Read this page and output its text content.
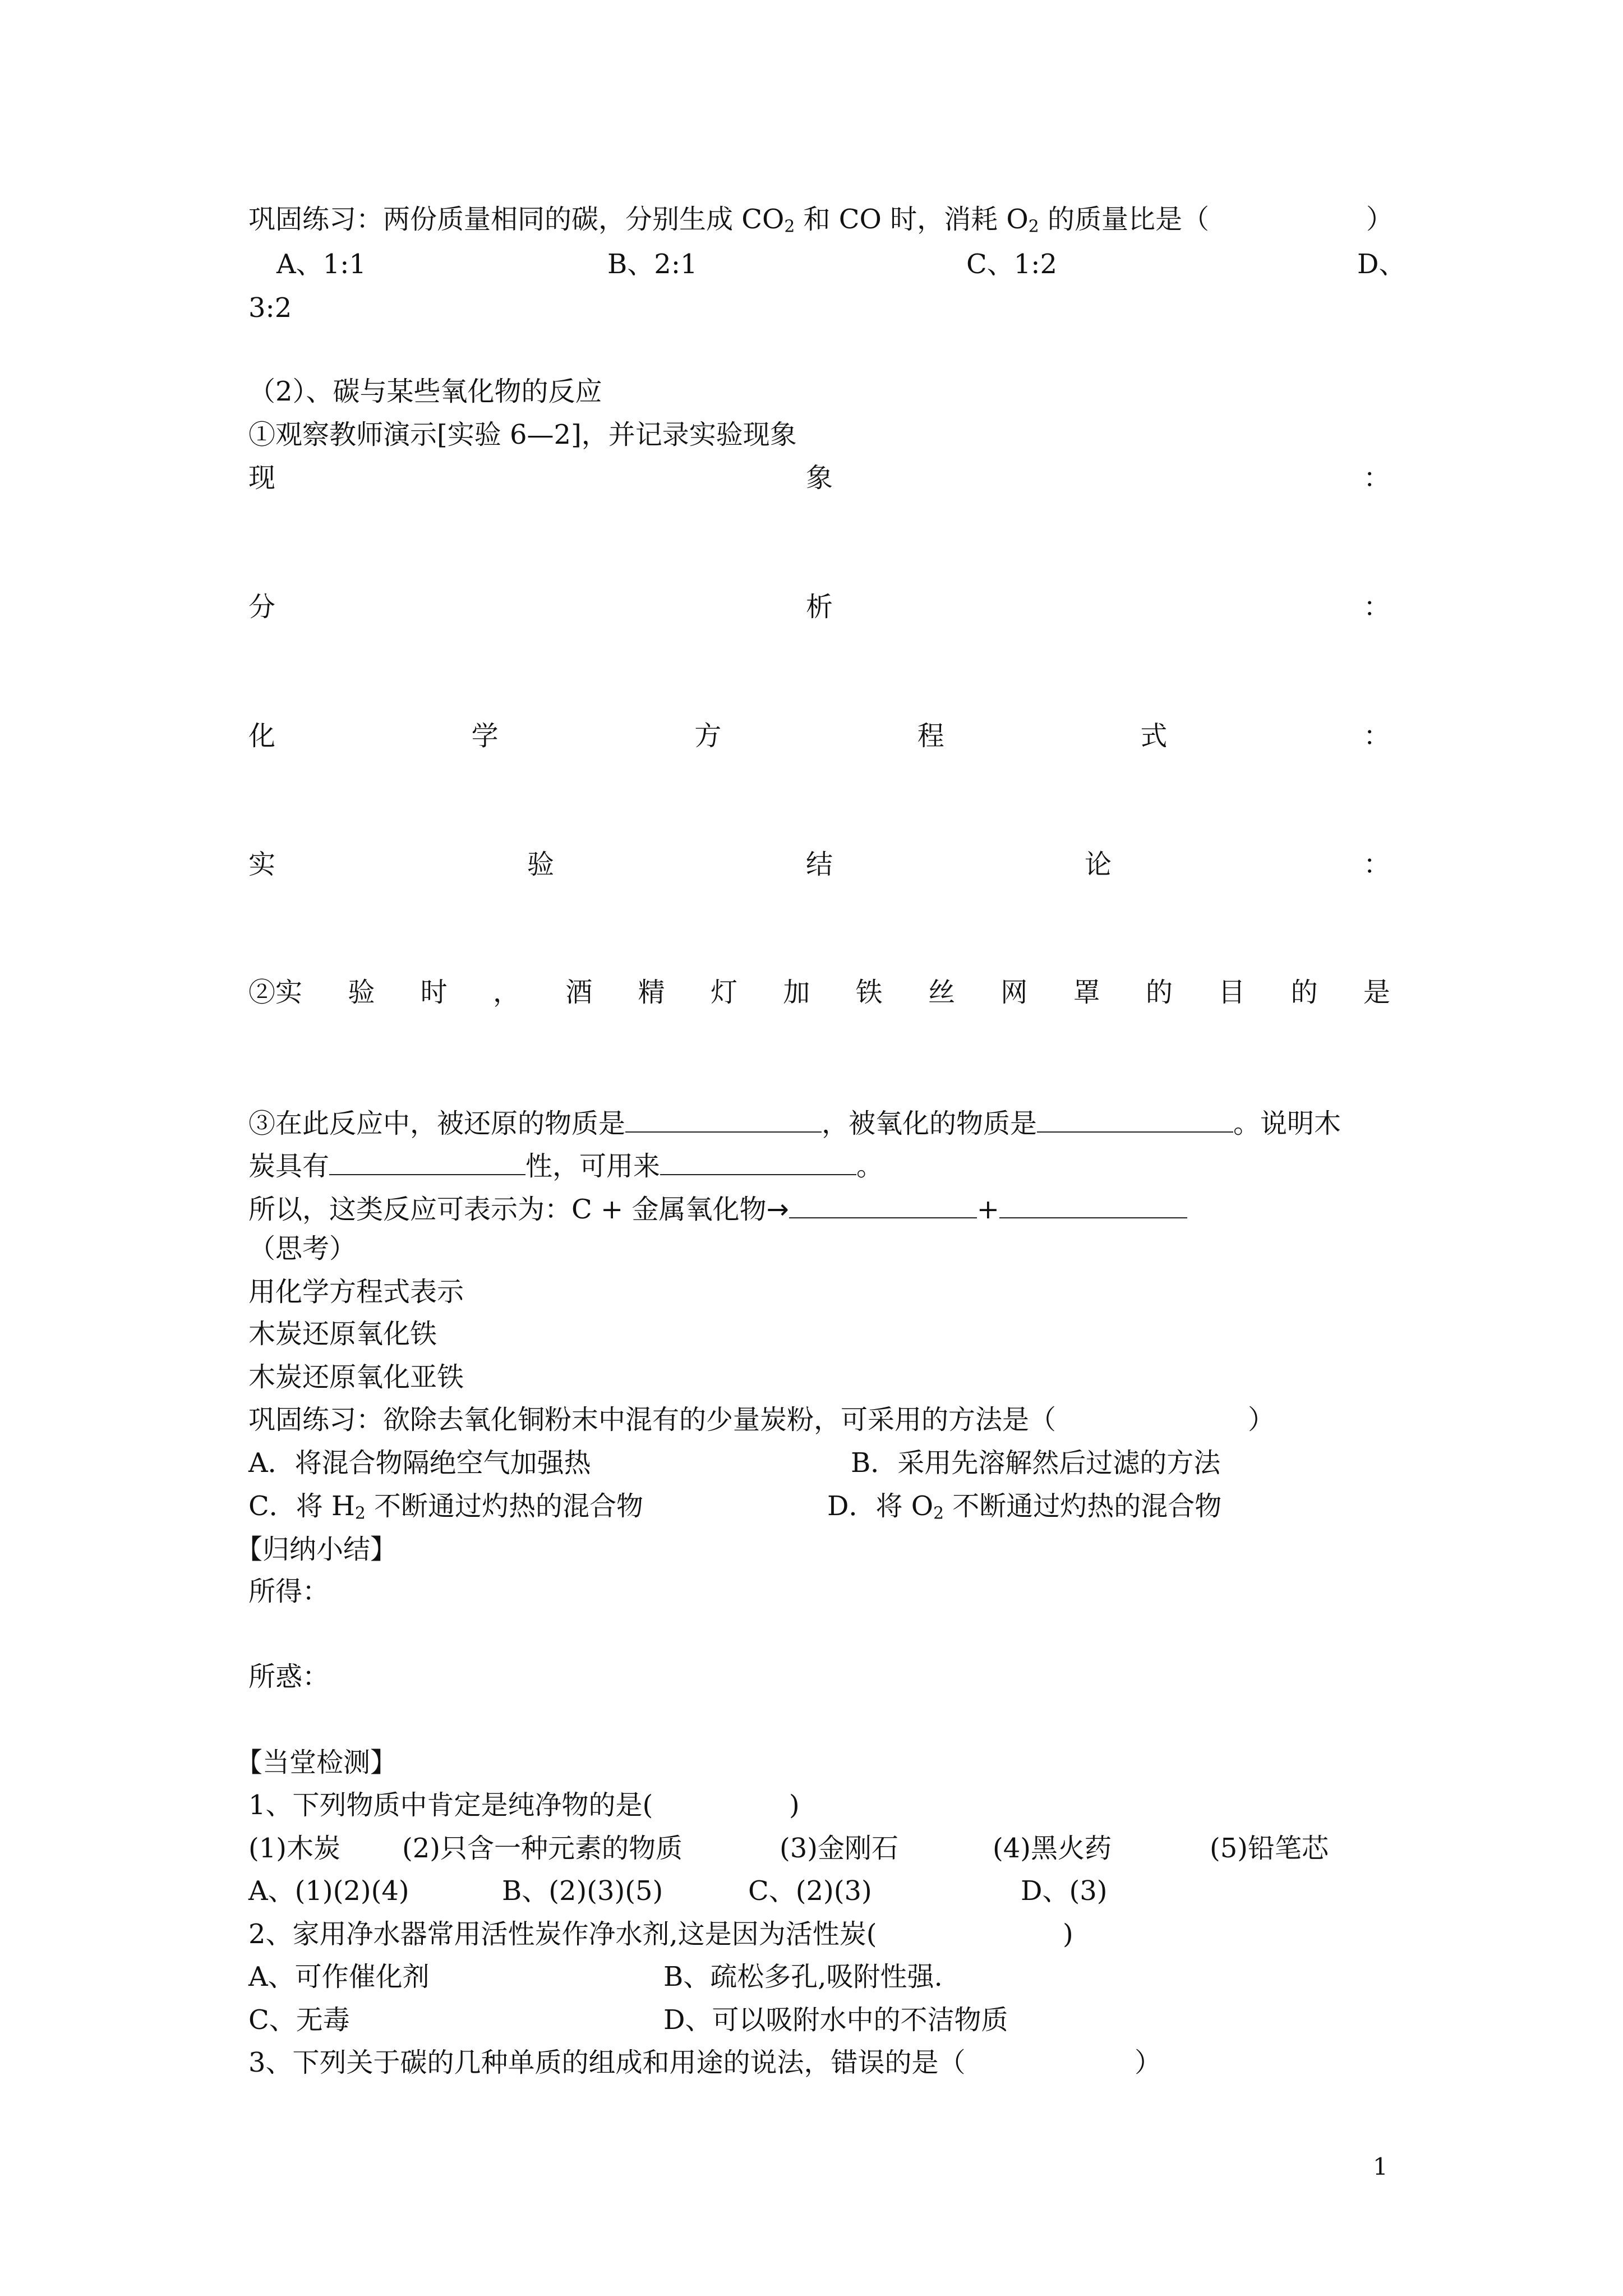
巩固练习：两份质量相同的碳，分别生成 $CO_2$ 和 CO 时，消耗 $O_2$ 的质量比是（	）
A、1:1	B、2:1	C、1:2	D、
3:2
（2）、碳与某些氧化物的反应
①观察教师演示[实验 6—2]，并记录实验现象
现	象	：
分	析	：
化	学	方	程	式	：
实	验	结	论	：
②实 验 时 ， 酒 精 灯 加 铁 丝 网 罩 的 目 的 是
③在此反应中，被还原的物质是	，被氧化的物质是	。说明木
炭具有	性，可用来	。
所以，这类反应可表示为：C + 金属氧化物→	+
（思考）
用化学方程式表示
木炭还原氧化铁
木炭还原氧化亚铁
巩固练习：欲除去氧化铜粉末中混有的少量炭粉，可采用的方法是（	）
A．将混合物隔绝空气加强热	B．采用先溶解然后过滤的方法
C．将 $H_2$ 不断通过灼热的混合物	D．将 $O_2$ 不断通过灼热的混合物
【归纳小结】
所得：
所惑：
【当堂检测】
1、下列物质中肯定是纯净物的是(	)
(1)木炭 (2)只含一种元素的物质	(3)金刚石	(4)黑火药	(5)铅笔芯
A、(1)(2)(4)	B、(2)(3)(5)	C、(2)(3)	D、(3)
2、家用净水器常用活性炭作净水剂,这是因为活性炭(	)
A、可作催化剂	B、疏松多孔,吸附性强.
C、无毒	D、可以吸附水中的不洁物质
3、下列关于碳的几种单质的组成和用途的说法，错误的是（	）
1
